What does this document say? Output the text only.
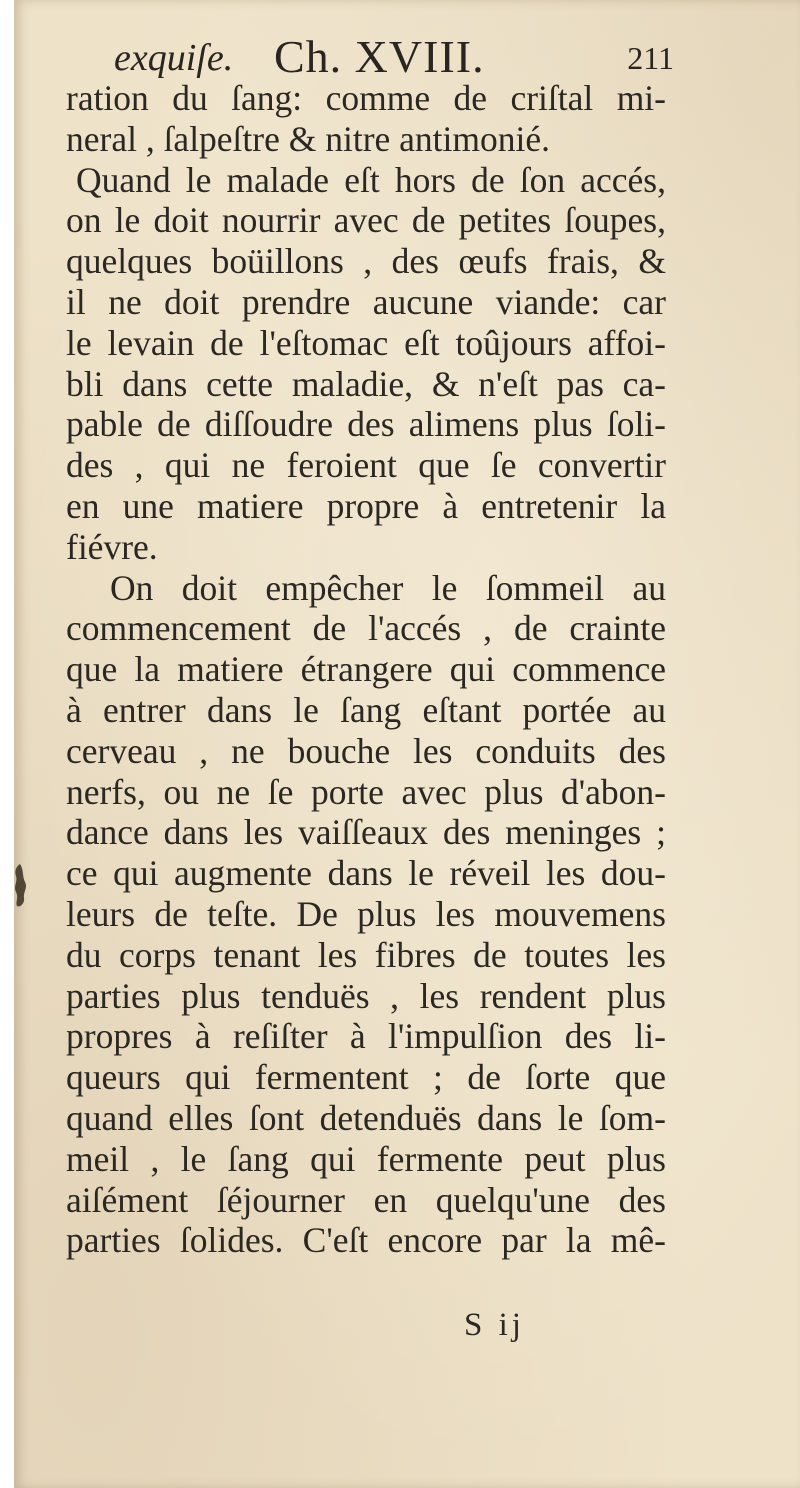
exquiſe. Ch. XVIII.	211
ration du ſang: comme de criſtal mi-
neral , ſalpeſtre & nitre antimonié.
Quand le malade eſt hors de ſon accés,
on le doit nourrir avec de petites ſoupes,
quelques boüillons , des œufs frais, &
il ne doit prendre aucune viande: car
le levain de l'eſtomac eſt toûjours affoi-
bli dans cette maladie, & n'eſt pas ca-
pable de diſſoudre des alimens plus ſoli-
des , qui ne feroient que ſe convertir
en une matiere propre à entretenir la
fiévre.
On doit empêcher le ſommeil au
commencement de l'accés , de crainte
que la matiere étrangere qui commence
à entrer dans le ſang eſtant portée au
cerveau , ne bouche les conduits des
nerfs, ou ne ſe porte avec plus d'abon-
dance dans les vaiſſeaux des meninges ;
ce qui augmente dans le réveil les dou-
leurs de teſte. De plus les mouvemens
du corps tenant les fibres de toutes les
parties plus tenduës , les rendent plus
propres à reſiſter à l'impulſion des li-
queurs qui fermentent ; de ſorte que
quand elles ſont detenduës dans le ſom-
meil , le ſang qui fermente peut plus
aiſément ſéjourner en quelqu'une des
parties ſolides. C'eſt encore par la mê-
S ij
